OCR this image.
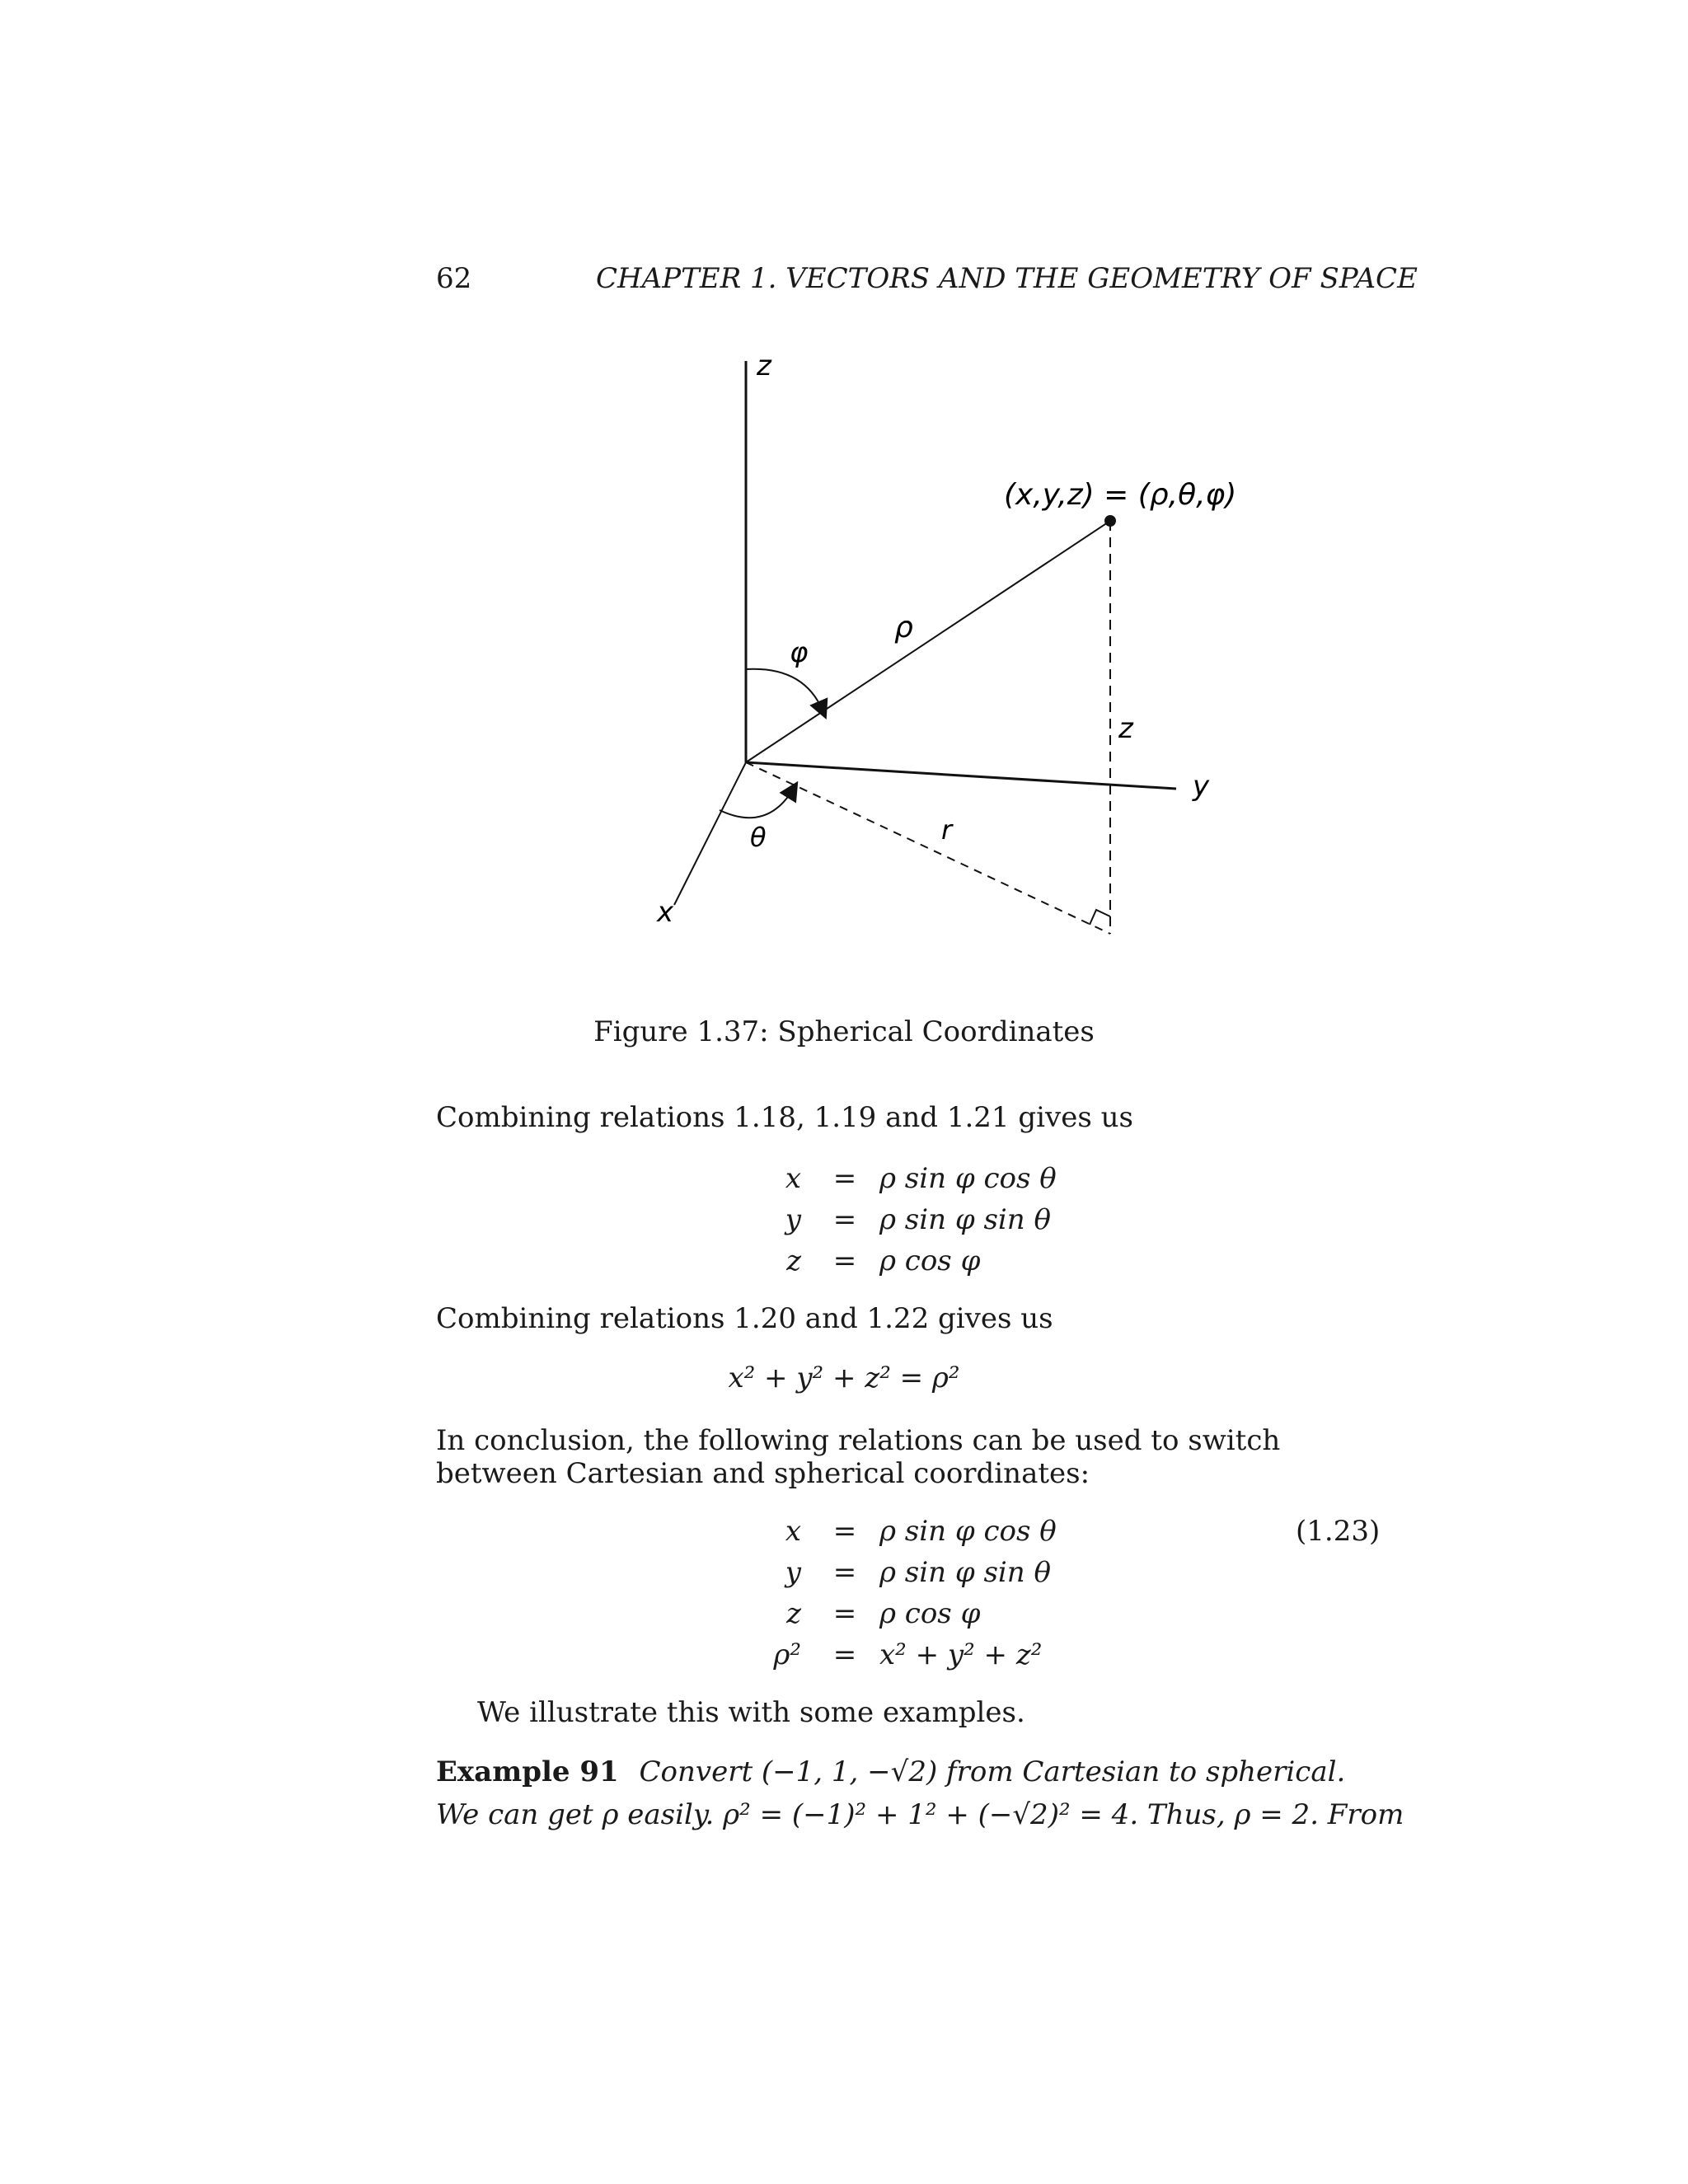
62	CHAPTER 1. VECTORS AND THE GEOMETRY OF SPACE
z
y
x
(x,y,z) = (ρ,θ,φ)
ρ
φ
θ	r
z
Figure 1.37: Spherical Coordinates
Combining relations 1.18, 1.19 and 1.21 gives us
x = ρ sin φ cos θ
y = ρ sin φ sin θ
z = ρ cos φ
Combining relations 1.20 and 1.22 gives us
x² + y² + z² = ρ²
In conclusion, the following relations can be used to switch between Cartesian and spherical coordinates:
x = ρ sin φ cos θ
y = ρ sin φ sin θ
z = ρ cos φ
ρ² = x² + y² + z²
(1.23)
We illustrate this with some examples.
Example 91 Convert (−1, 1, −√2) from Cartesian to spherical.
We can get ρ easily. ρ² = (−1)² + 1² + (−√2)² = 4. Thus, ρ = 2. From
